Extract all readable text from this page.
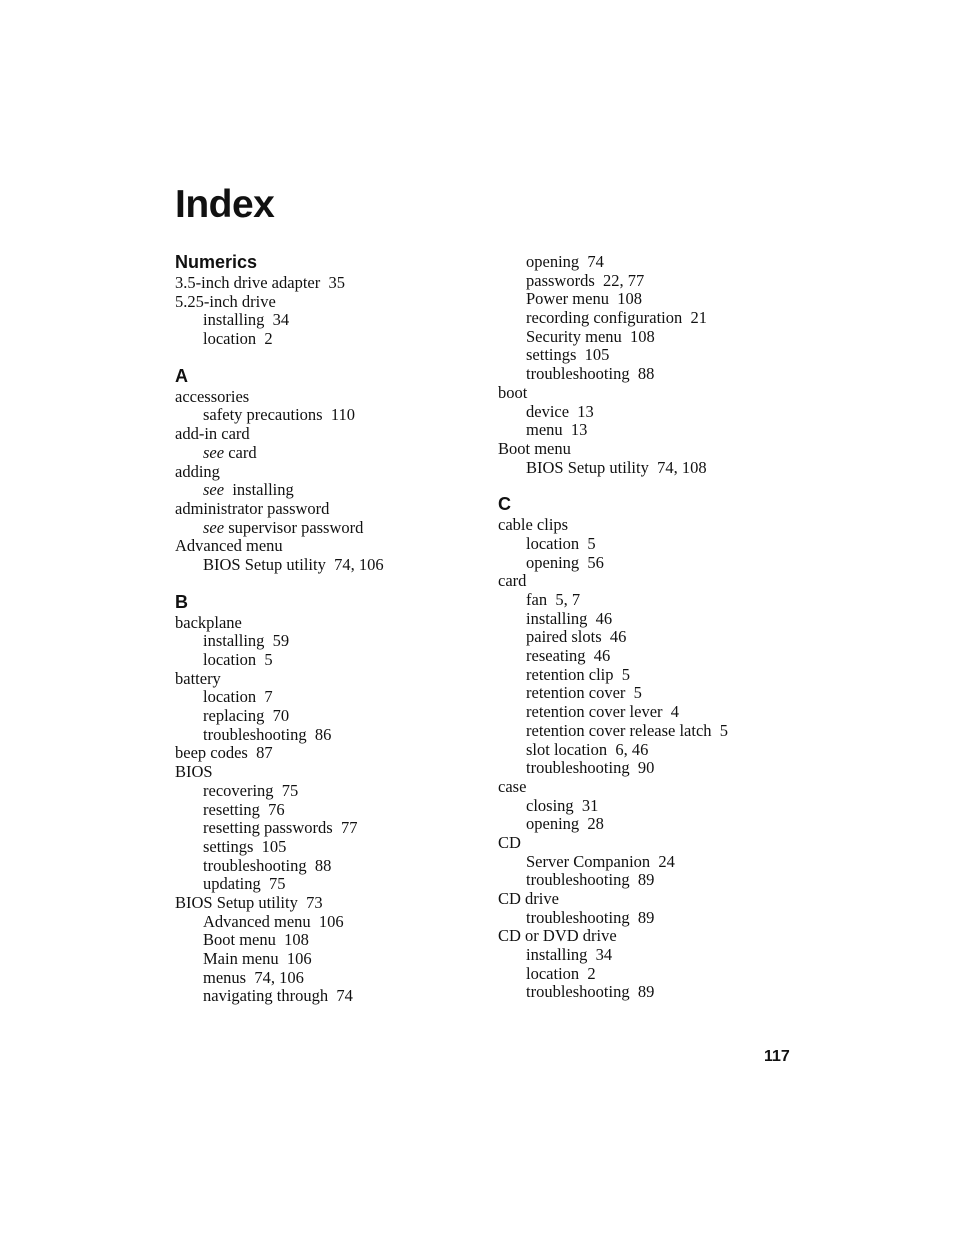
Index
Numerics
3.5-inch drive adapter  35
5.25-inch drive
installing  34
location  2
A
accessories
safety precautions  110
add-in card
see card
adding
see  installing
administrator password
see supervisor password
Advanced menu
BIOS Setup utility  74, 106
B
backplane
installing  59
location  5
battery
location  7
replacing  70
troubleshooting  86
beep codes  87
BIOS
recovering  75
resetting  76
resetting passwords  77
settings  105
troubleshooting  88
updating  75
BIOS Setup utility  73
Advanced menu  106
Boot menu  108
Main menu  106
menus  74, 106
navigating through  74
opening  74
passwords  22, 77
Power menu  108
recording configuration  21
Security menu  108
settings  105
troubleshooting  88
boot
device  13
menu  13
Boot menu
BIOS Setup utility  74, 108
C
cable clips
location  5
opening  56
card
fan  5, 7
installing  46
paired slots  46
reseating  46
retention clip  5
retention cover  5
retention cover lever  4
retention cover release latch  5
slot location  6, 46
troubleshooting  90
case
closing  31
opening  28
CD
Server Companion  24
troubleshooting  89
CD drive
troubleshooting  89
CD or DVD drive
installing  34
location  2
troubleshooting  89
117
